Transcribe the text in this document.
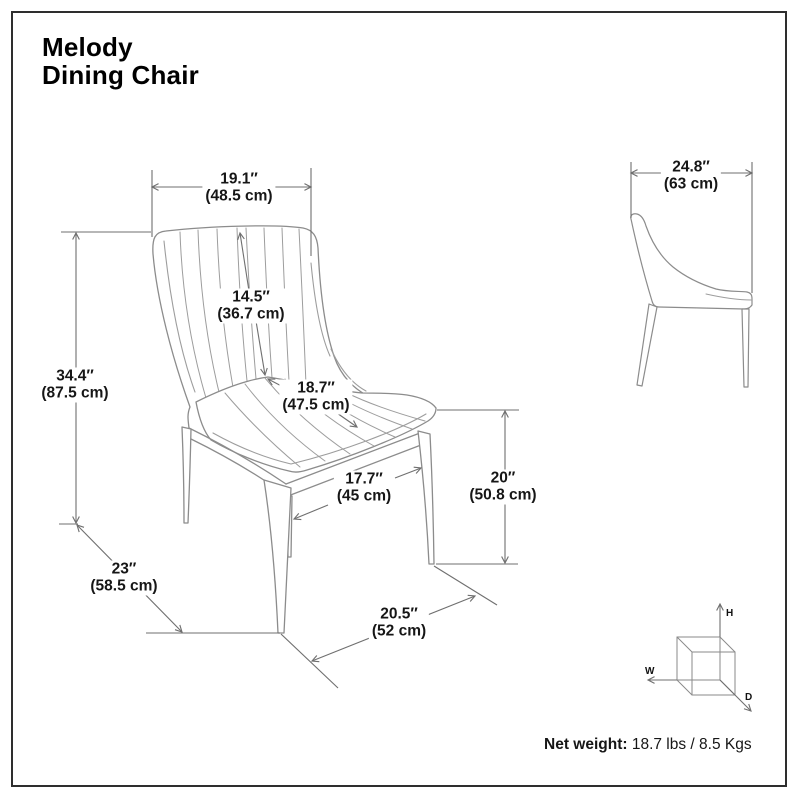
H
W
D
Melody
Dining Chair
19.1″
(48.5 cm)
14.5″
(36.7 cm)
18.7″
(47.5 cm)
34.4″
(87.5 cm)
17.7″
(45 cm)
20″
(50.8 cm)
23″
(58.5 cm)
20.5″
(52 cm)
24.8″
(63 cm)
Net weight: 18.7 lbs / 8.5 Kgs
